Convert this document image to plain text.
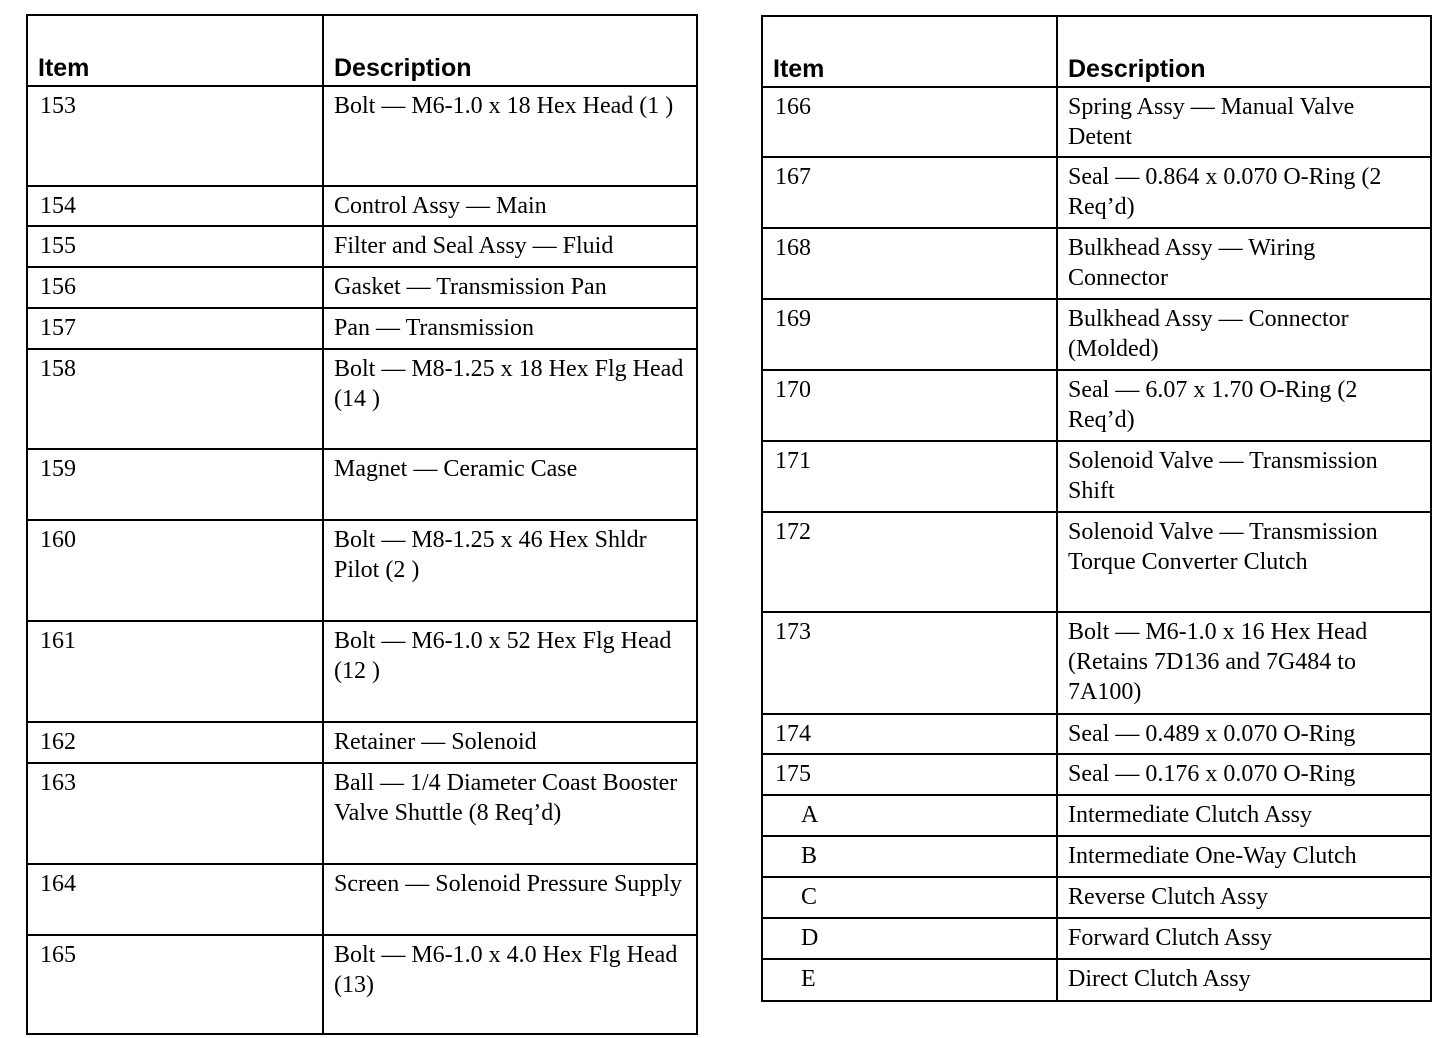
Item	Description
153	Bolt — M6-1.0 x 18 Hex Head (1 )
154	Control Assy — Main
155	Filter and Seal Assy — Fluid
156	Gasket — Transmission Pan
157	Pan — Transmission
158	Bolt — M8-1.25 x 18 Hex Flg Head (14 )
159	Magnet — Ceramic Case
160	Bolt — M8-1.25 x 46 Hex Shldr Pilot (2 )
161	Bolt — M6-1.0 x 52 Hex Flg Head (12 )
162	Retainer — Solenoid
163	Ball — 1/4 Diameter Coast Booster Valve Shuttle (8 Req’d)
164	Screen — Solenoid Pressure Supply
165	Bolt — M6-1.0 x 4.0 Hex Flg Head (13)
Item	Description
166	Spring Assy — Manual Valve Detent
167	Seal — 0.864 x 0.070 O-Ring (2 Req’d)
168	Bulkhead Assy — Wiring Connector
169	Bulkhead Assy — Connector (Molded)
170	Seal — 6.07 x 1.70 O-Ring (2 Req’d)
171	Solenoid Valve — Transmission Shift
172	Solenoid Valve — Transmission Torque Converter Clutch
173	Bolt — M6-1.0 x 16 Hex Head (Retains 7D136 and 7G484 to 7A100)
174	Seal — 0.489 x 0.070 O-Ring
175	Seal — 0.176 x 0.070 O-Ring
A	Intermediate Clutch Assy
B	Intermediate One-Way Clutch
C	Reverse Clutch Assy
D	Forward Clutch Assy
E	Direct Clutch Assy
